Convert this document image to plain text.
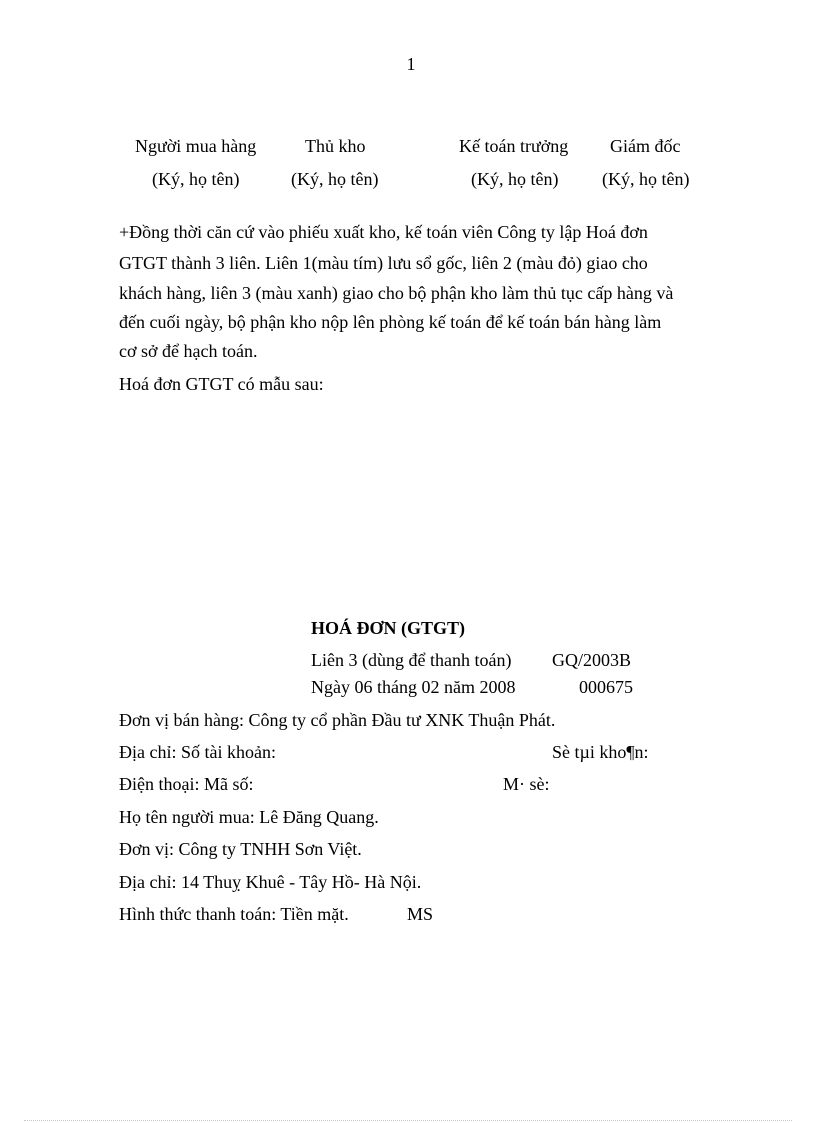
1
Người mua hàng	Thủ kho	Kế toán trưởng Giám đốc
(Ký, họ tên)	(Ký, họ tên)	(Ký, họ tên) (Ký, họ tên)
+Đồng thời căn cứ vào phiếu xuất kho, kế toán viên Công ty lập Hoá đơn
GTGT thành 3 liên. Liên 1(màu tím) lưu sổ gốc, liên 2 (màu đỏ) giao cho
khách hàng, liên 3 (màu xanh) giao cho bộ phận kho làm thủ tục cấp hàng và
đến cuối ngày, bộ phận kho nộp lên phòng kế toán để kế toán bán hàng làm
cơ sở để hạch toán.
Hoá đơn GTGT có mẫu sau:
HOÁ ĐƠN (GTGT)
Liên 3 (dùng để thanh toán) GQ/2003B
Ngày 06 tháng 02 năm 2008	000675
Đơn vị bán hàng: Công ty cổ phần Đầu tư XNK Thuận Phát.
Địa chỉ: Số tài khoản:	Sè tµi kho¶n:
Điện thoại: Mã số:	M· sè:
Họ tên người mua: Lê Đăng Quang.
Đơn vị: Công ty TNHH Sơn Việt.
Địa chỉ: 14 Thuỵ Khuê - Tây Hồ- Hà Nội.
Hình thức thanh toán: Tiền mặt.	MS
